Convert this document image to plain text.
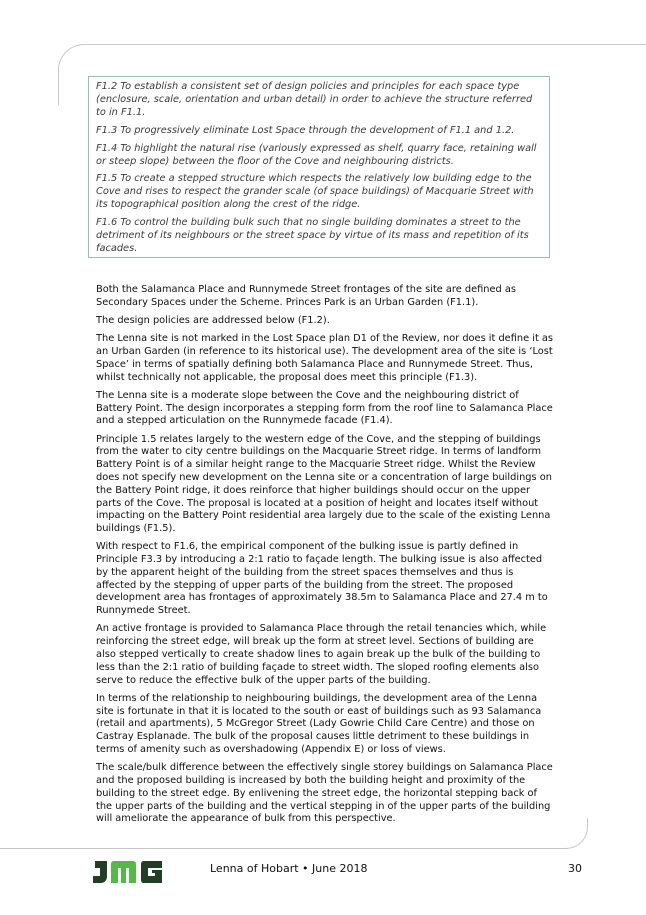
F1.2 To establish a consistent set of design policies and principles for each space type (enclosure, scale, orientation and urban detail) in order to achieve the structure referred to in F1.1.

F1.3 To progressively eliminate Lost Space through the development of F1.1 and 1.2.

F1.4 To highlight the natural rise (variously expressed as shelf, quarry face, retaining wall or steep slope) between the floor of the Cove and neighbouring districts.

F1.5 To create a stepped structure which respects the relatively low building edge to the Cove and rises to respect the grander scale (of space buildings) of Macquarie Street with its topographical position along the crest of the ridge.

F1.6 To control the building bulk such that no single building dominates a street to the detriment of its neighbours or the street space by virtue of its mass and repetition of its facades.

Both the Salamanca Place and Runnymede Street frontages of the site are defined as Secondary Spaces under the Scheme. Princes Park is an Urban Garden (F1.1).

The design policies are addressed below (F1.2).

The Lenna site is not marked in the Lost Space plan D1 of the Review, nor does it define it as an Urban Garden (in reference to its historical use). The development area of the site is ‘Lost Space’ in terms of spatially defining both Salamanca Place and Runnymede Street. Thus, whilst technically not applicable, the proposal does meet this principle (F1.3).

The Lenna site is a moderate slope between the Cove and the neighbouring district of Battery Point. The design incorporates a stepping form from the roof line to Salamanca Place and a stepped articulation on the Runnymede facade (F1.4).

Principle 1.5 relates largely to the western edge of the Cove, and the stepping of buildings from the water to city centre buildings on the Macquarie Street ridge. In terms of landform Battery Point is of a similar height range to the Macquarie Street ridge. Whilst the Review does not specify new development on the Lenna site or a concentration of large buildings on the Battery Point ridge, it does reinforce that higher buildings should occur on the upper parts of the Cove. The proposal is located at a position of height and locates itself without impacting on the Battery Point residential area largely due to the scale of the existing Lenna buildings (F1.5).

With respect to F1.6, the empirical component of the bulking issue is partly defined in Principle F3.3 by introducing a 2:1 ratio to façade length. The bulking issue is also affected by the apparent height of the building from the street spaces themselves and thus is affected by the stepping of upper parts of the building from the street. The proposed development area has frontages of approximately 38.5m to Salamanca Place and 27.4 m to Runnymede Street.

An active frontage is provided to Salamanca Place through the retail tenancies which, while reinforcing the street edge, will break up the form at street level. Sections of building are also stepped vertically to create shadow lines to again break up the bulk of the building to less than the 2:1 ratio of building façade to street width. The sloped roofing elements also serve to reduce the effective bulk of the upper parts of the building.

In terms of the relationship to neighbouring buildings, the development area of the Lenna site is fortunate in that it is located to the south or east of buildings such as 93 Salamanca (retail and apartments), 5 McGregor Street (Lady Gowrie Child Care Centre) and those on Castray Esplanade. The bulk of the proposal causes little detriment to these buildings in terms of amenity such as overshadowing (Appendix E) or loss of views.

The scale/bulk difference between the effectively single storey buildings on Salamanca Place and the proposed building is increased by both the building height and proximity of the building to the street edge. By enlivening the street edge, the horizontal stepping back of the upper parts of the building and the vertical stepping in of the upper parts of the building will ameliorate the appearance of bulk from this perspective.

Lenna of Hobart • June 2018	30
